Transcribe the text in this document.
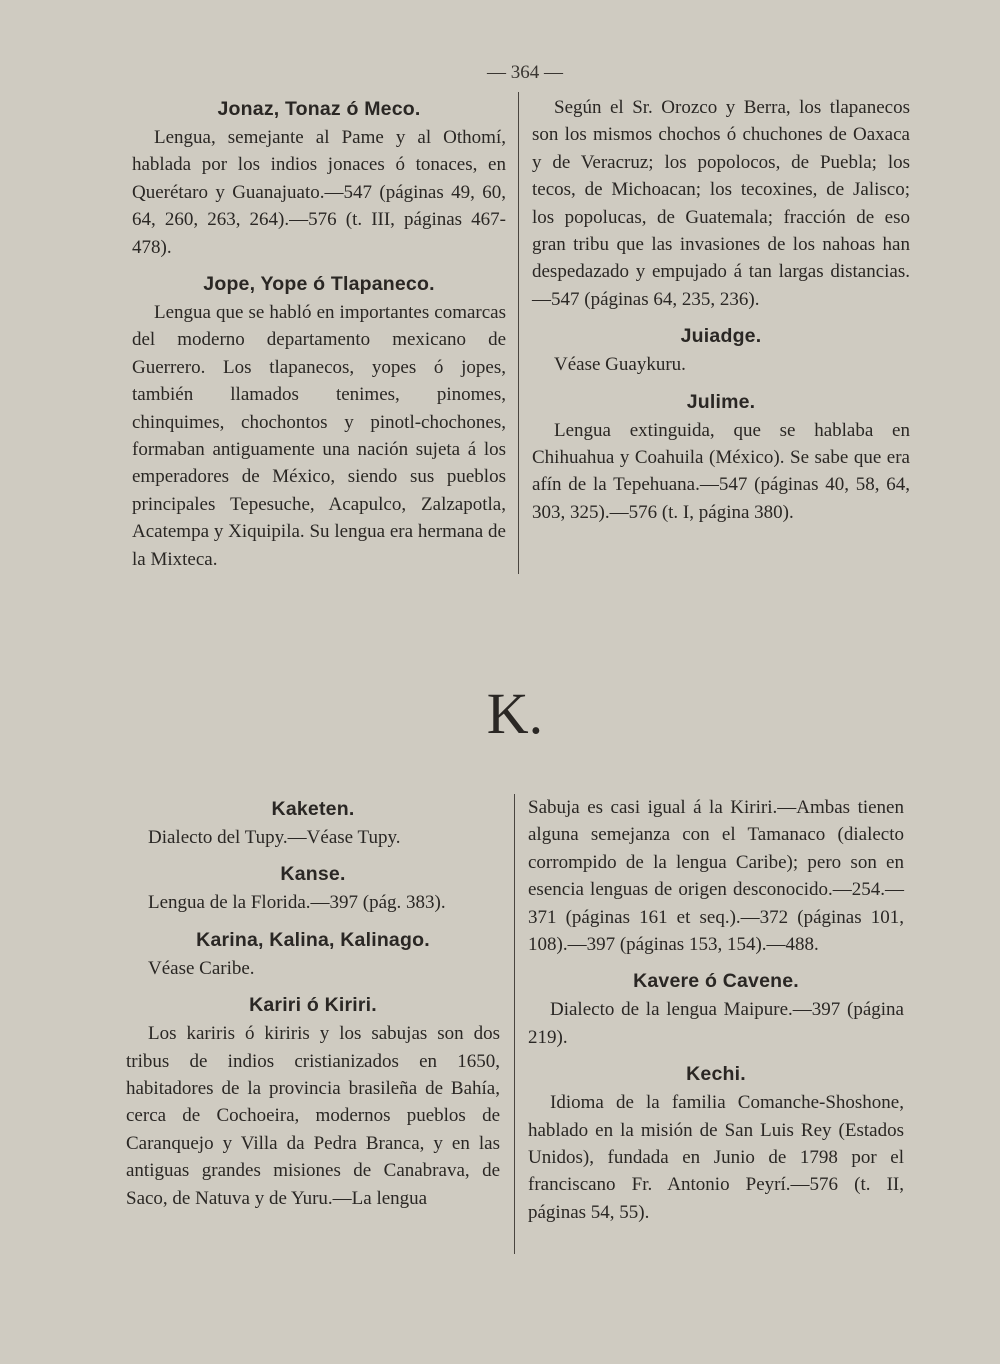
— 364 —
Jonaz, Tonaz ó Meco.

Lengua, semejante al Pame y al Othomí, hablada por los indios jonaces ó tonaces, en Querétaro y Guanajuato.—547 (páginas 49, 60, 64, 260, 263, 264).—576 (t. III, páginas 467-478).

Jope, Yope ó Tlapaneco.

Lengua que se habló en importantes comarcas del moderno departamento mexicano de Guerrero. Los tlapanecos, yopes ó jopes, también llamados tenimes, pinomes, chinquimes, chochontos y pinotl-chochones, formaban antiguamente una nación sujeta á los emperadores de México, siendo sus pueblos principales Tepesuche, Acapulco, Zalzapotla, Acatempa y Xiquipila. Su lengua era hermana de la Mixteca.

Según el Sr. Orozco y Berra, los tlapanecos son los mismos chochos ó chuchones de Oaxaca y de Veracruz; los popolocos, de Puebla; los tecos, de Michoacan; los tecoxines, de Jalisco; los popolucas, de Guatemala; fracción de eso gran tribu que las invasiones de los nahoas han despedazado y empujado á tan largas distancias.—547 (páginas 64, 235, 236).

Juiadge.

Véase Guaykuru.

Julime.

Lengua extinguida, que se hablaba en Chihuahua y Coahuila (México). Se sabe que era afín de la Tepehuana.—547 (páginas 40, 58, 64, 303, 325).—576 (t. I, página 380).

K.
Kaketen.

Dialecto del Tupy.—Véase Tupy.

Kanse.

Lengua de la Florida.—397 (pág. 383).

Karina, Kalina, Kalinago.

Véase Caribe.

Kariri ó Kiriri.

Los kariris ó kiriris y los sabujas son dos tribus de indios cristianizados en 1650, habitadores de la provincia brasileña de Bahía, cerca de Cochoeira, modernos pueblos de Caranquejo y Villa da Pedra Branca, y en las antiguas grandes misiones de Canabrava, de Saco, de Natuva y de Yuru.—La lengua

Sabuja es casi igual á la Kiriri.—Ambas tienen alguna semejanza con el Tamanaco (dialecto corrompido de la lengua Caribe); pero son en esencia lenguas de origen desconocido.—254.—371 (páginas 161 et seq.).—372 (páginas 101, 108).—397 (páginas 153, 154).—488.

Kavere ó Cavene.

Dialecto de la lengua Maipure.—397 (página 219).

Kechi.

Idioma de la familia Comanche-Shoshone, hablado en la misión de San Luis Rey (Estados Unidos), fundada en Junio de 1798 por el franciscano Fr. Antonio Peyrí.—576 (t. II, páginas 54, 55).
